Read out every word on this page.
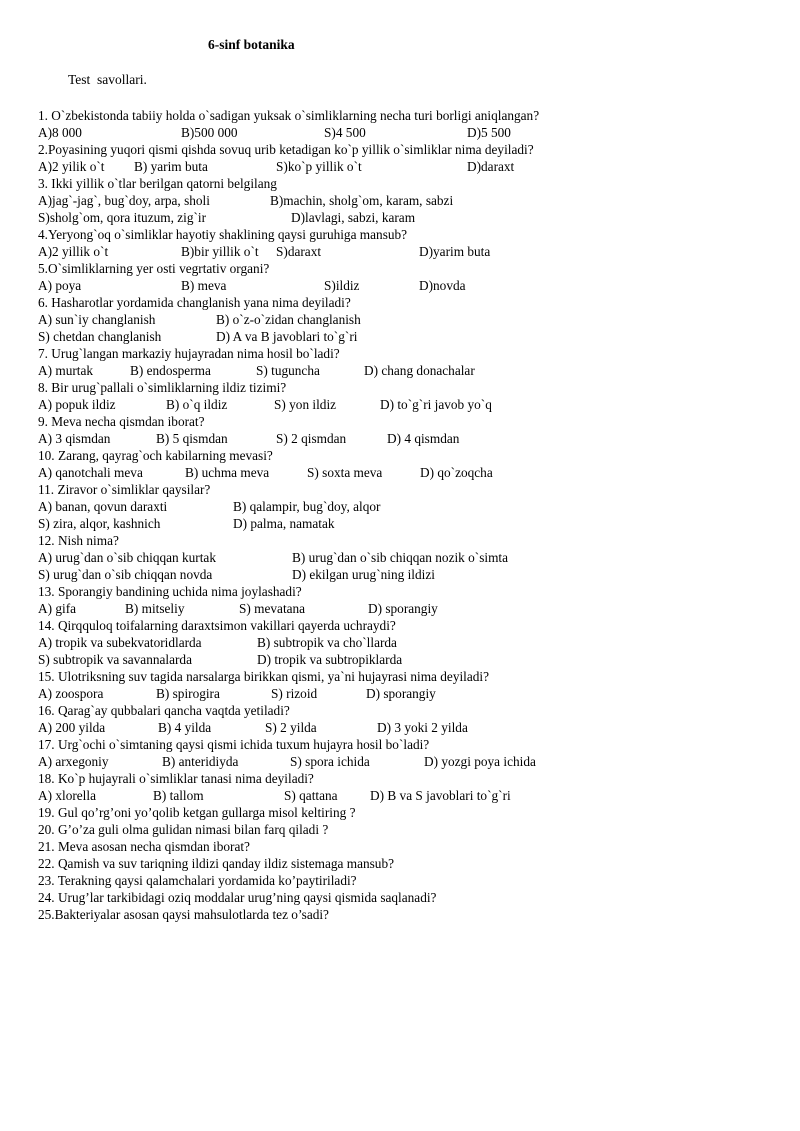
6-sinf botanika
Test  savollari.
1. O`zbekistonda tabiiy holda o`sadigan yuksak o`simliklarning necha turi borligi aniqlangan?
A)8 000	B)500 000	S)4 500	D)5 500
2.Poyasining yuqori qismi qishda sovuq urib ketadigan ko`p yillik o`simliklar nima deyiladi?
A)2 yilik o`t B) yarim buta	S)ko`p yillik o`t	D)daraxt
3. Ikki yillik o`tlar berilgan qatorni belgilang
A)jag`-jag`, bug`doy, arpa, sholi	B)machin, sholg`om, karam, sabzi
S)sholg`om, qora ituzum, zig`ir	D)lavlagi, sabzi, karam
4.Yeryong`oq o`simliklar hayotiy shaklining qaysi guruhiga mansub?
A)2 yillik o`t	B)bir yillik o`t S)daraxt	D)yarim buta
5.O`simliklarning yer osti vegrtativ organi?
A) poya	B) meva	S)ildiz	D)novda
6. Hasharotlar yordamida changlanish yana nima deyiladi?
A) sun`iy changlanish	B) o`z-o`zidan changlanish
S) chetdan changlanish	D) A va B javoblari to`g`ri
7. Urug`langan markaziy hujayradan nima hosil bo`ladi?
A) murtak	B) endosperma	S) tuguncha	D) chang donachalar
8. Bir urug`pallali o`simliklarning ildiz tizimi?
A) popuk ildiz	B) o`q ildiz	S) yon ildiz	D) to`g`ri javob yo`q
9. Meva necha qismdan iborat?
A) 3 qismdan	B) 5 qismdan	S) 2 qismdan	D) 4 qismdan
10. Zarang, qayrag`och kabilarning mevasi?
A) qanotchali meva	B) uchma meva	S) soxta meva	D) qo`zoqcha
11. Ziravor o`simliklar qaysilar?
A) banan, qovun daraxti	B) qalampir, bug`doy, alqor
S) zira, alqor, kashnich	D) palma, namatak
12. Nish nima?
A) urug`dan o`sib chiqqan kurtak	B) urug`dan o`sib chiqqan nozik o`simta
S) urug`dan o`sib chiqqan novda	D) ekilgan urug`ning ildizi
13. Sporangiy bandining uchida nima joylashadi?
A) gifa	B) mitseliy	S) mevatana	D) sporangiy
14. Qirqquloq toifalarning daraxtsimon vakillari qayerda uchraydi?
A) tropik va subekvatoridlarda	B) subtropik va cho`llarda
S) subtropik va savannalarda	D) tropik va subtropiklarda
15. Ulotriksning suv tagida narsalarga birikkan qismi, ya`ni hujayrasi nima deyiladi?
A) zoospora	B) spirogira	S) rizoid	D) sporangiy
16. Qarag`ay qubbalari qancha vaqtda yetiladi?
A) 200 yilda	B) 4 yilda	S) 2 yilda	D) 3 yoki 2 yilda
17. Urg`ochi o`simtaning qaysi qismi ichida tuxum hujayra hosil bo`ladi?
A) arxegoniy	B) anteridiyda	S) spora ichida	D) yozgi poya ichida
18. Ko`p hujayrali o`simliklar tanasi nima deyiladi?
A) xlorella	B) tallom	S) qattana D) B va S javoblari to`g`ri
19. Gul qo’rg’oni yo’qolib ketgan gullarga misol keltiring ?
20. G’o’za guli olma gulidan nimasi bilan farq qiladi ?
21. Meva asosan necha qismdan iborat?
22. Qamish va suv tariqning ildizi qanday ildiz sistemaga mansub?
23. Terakning qaysi qalamchalari yordamida ko’paytiriladi?
24. Urug’lar tarkibidagi oziq moddalar urug’ning qaysi qismida saqlanadi?
25.Bakteriyalar asosan qaysi mahsulotlarda tez o’sadi?
